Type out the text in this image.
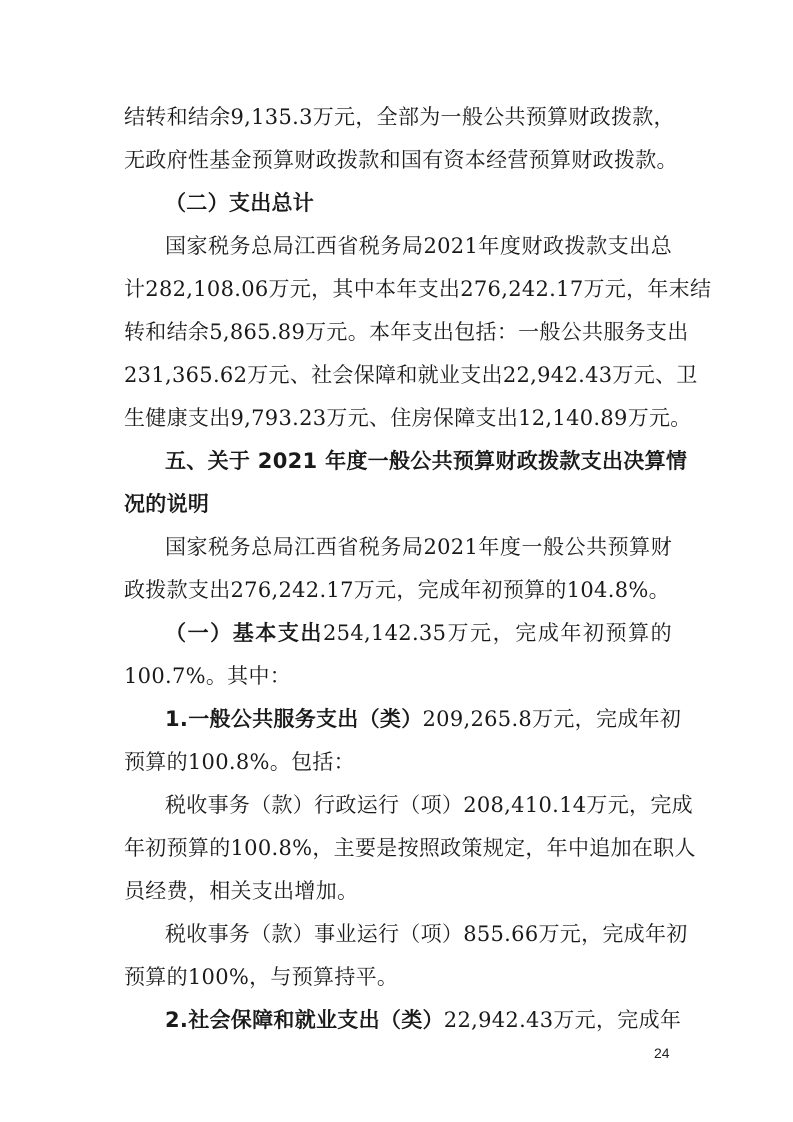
结转和结余9,135.3万元，全部为一般公共预算财政拨款，
无政府性基金预算财政拨款和国有资本经营预算财政拨款。
（二）支出总计
国家税务总局江西省税务局2021年度财政拨款支出总
计282,108.06万元，其中本年支出276,242.17万元，年末结
转和结余5,865.89万元。本年支出包括：一般公共服务支出
231,365.62万元、社会保障和就业支出22,942.43万元、卫
生健康支出9,793.23万元、住房保障支出12,140.89万元。
五、关于 2021 年度一般公共预算财政拨款支出决算情
况的说明
国家税务总局江西省税务局2021年度一般公共预算财
政拨款支出276,242.17万元，完成年初预算的104.8%。
（一）基本支出254,142.35万元，完成年初预算的
100.7%。其中：
1.一般公共服务支出（类）209,265.8万元，完成年初
预算的100.8%。包括：
税收事务（款）行政运行（项）208,410.14万元，完成
年初预算的100.8%，主要是按照政策规定，年中追加在职人
员经费，相关支出增加。
税收事务（款）事业运行（项）855.66万元，完成年初
预算的100%，与预算持平。
2.社会保障和就业支出（类）22,942.43万元，完成年
24
